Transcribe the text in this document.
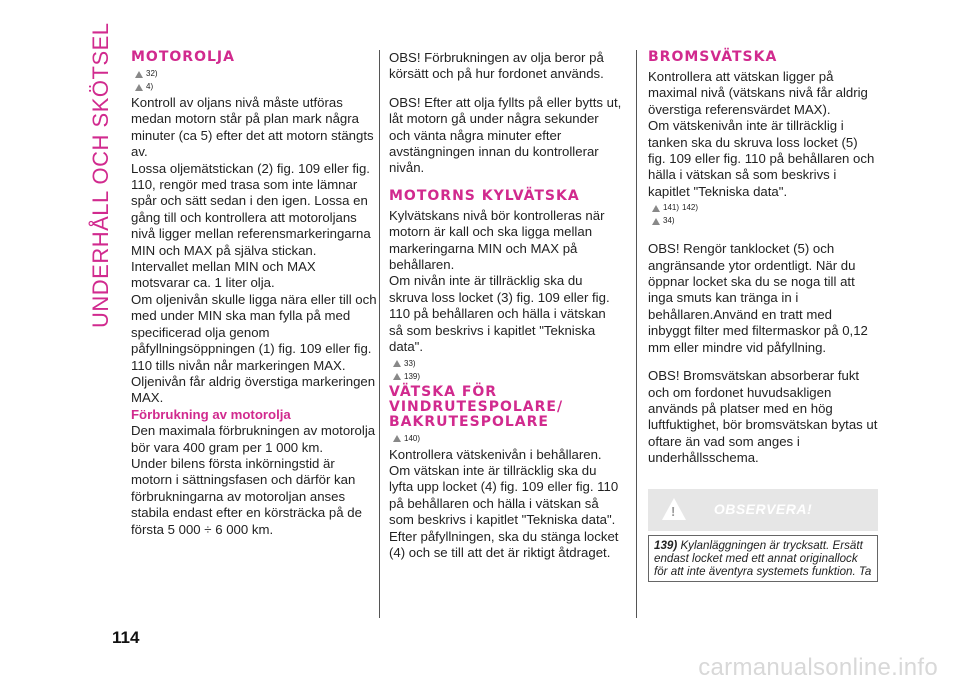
UNDERHÅLL OCH SKÖTSEL MOTOROLJA
32)
4)

Kontroll av oljans nivå måste utföras medan motorn står på plan mark några minuter (ca 5) efter det att motorn stängts av.

Lossa oljemätstickan (2) fig. 109 eller fig. 110, rengör med trasa som inte lämnar spår och sätt sedan i den igen. Lossa en gång till och kontrollera att motoroljans nivå ligger mellan referensmarkeringarna MIN och MAX på själva stickan.

Intervallet mellan MIN och MAX motsvarar ca. 1 liter olja.

Om oljenivån skulle ligga nära eller till och med under MIN ska man fylla på med specificerad olja genom påfyllningsöppningen (1) fig. 109 eller fig. 110 tills nivån når markeringen MAX. Oljenivån får aldrig överstiga markeringen MAX.

Förbrukning av motorolja

Den maximala förbrukningen av motorolja bör vara 400 gram per 1 000 km.

Under bilens första inkörningstid är motorn i sättningsfasen och därför kan förbrukningarna av motoroljan anses stabila endast efter en körsträcka på de första 5 000 ÷ 6 000 km.

OBS! Förbrukningen av olja beror på körsätt och på hur fordonet används.

OBS! Efter att olja fyllts på eller bytts ut, låt motorn gå under några sekunder och vänta några minuter efter avstängningen innan du kontrollerar nivån.

MOTORNS KYLVÄTSKA

Kylvätskans nivå bör kontrolleras när motorn är kall och ska ligga mellan markeringarna MIN och MAX på behållaren.

Om nivån inte är tillräcklig ska du skruva loss locket (3) fig. 109 eller fig. 110 på behållaren och hälla i vätskan så som beskrivs i kapitlet "Tekniska data".

33)
139)
VÄTSKA FÖR VINDRUTESPOLARE/ BAKRUTESPOLARE
140)

Kontrollera vätskenivån i behållaren.

Om vätskan inte är tillräcklig ska du lyfta upp locket (4) fig. 109 eller fig. 110 på behållaren och hälla i vätskan så som beskrivs i kapitlet "Tekniska data".

Efter påfyllningen, ska du stänga locket (4) och se till att det är riktigt åtdraget.

BROMSVÄTSKA

Kontrollera att vätskan ligger på maximal nivå (vätskans nivå får aldrig överstiga referensvärdet MAX).

Om vätskenivån inte är tillräcklig i tanken ska du skruva loss locket (5) fig. 109 eller fig. 110 på behållaren och hälla i vätskan så som beskrivs i kapitlet "Tekniska data".

141) 142)
34)

OBS! Rengör tanklocket (5) och angränsande ytor ordentligt. När du öppnar locket ska du se noga till att inga smuts kan tränga in i behållaren.Använd en tratt med inbyggt filter med filtermaskor på 0,12 mm eller mindre vid påfyllning.

OBS! Bromsvätskan absorberar fukt och om fordonet huvudsakligen används på platser med en hög luftfuktighet, bör bromsvätskan bytas ut oftare än vad som anges i underhållsschema.

!
OBSERVERA!
139) Kylanläggningen är trycksatt. Ersätt endast locket med ett annat originallock för att inte äventyra systemets funktion. Ta
114
carmanualsonline.info
